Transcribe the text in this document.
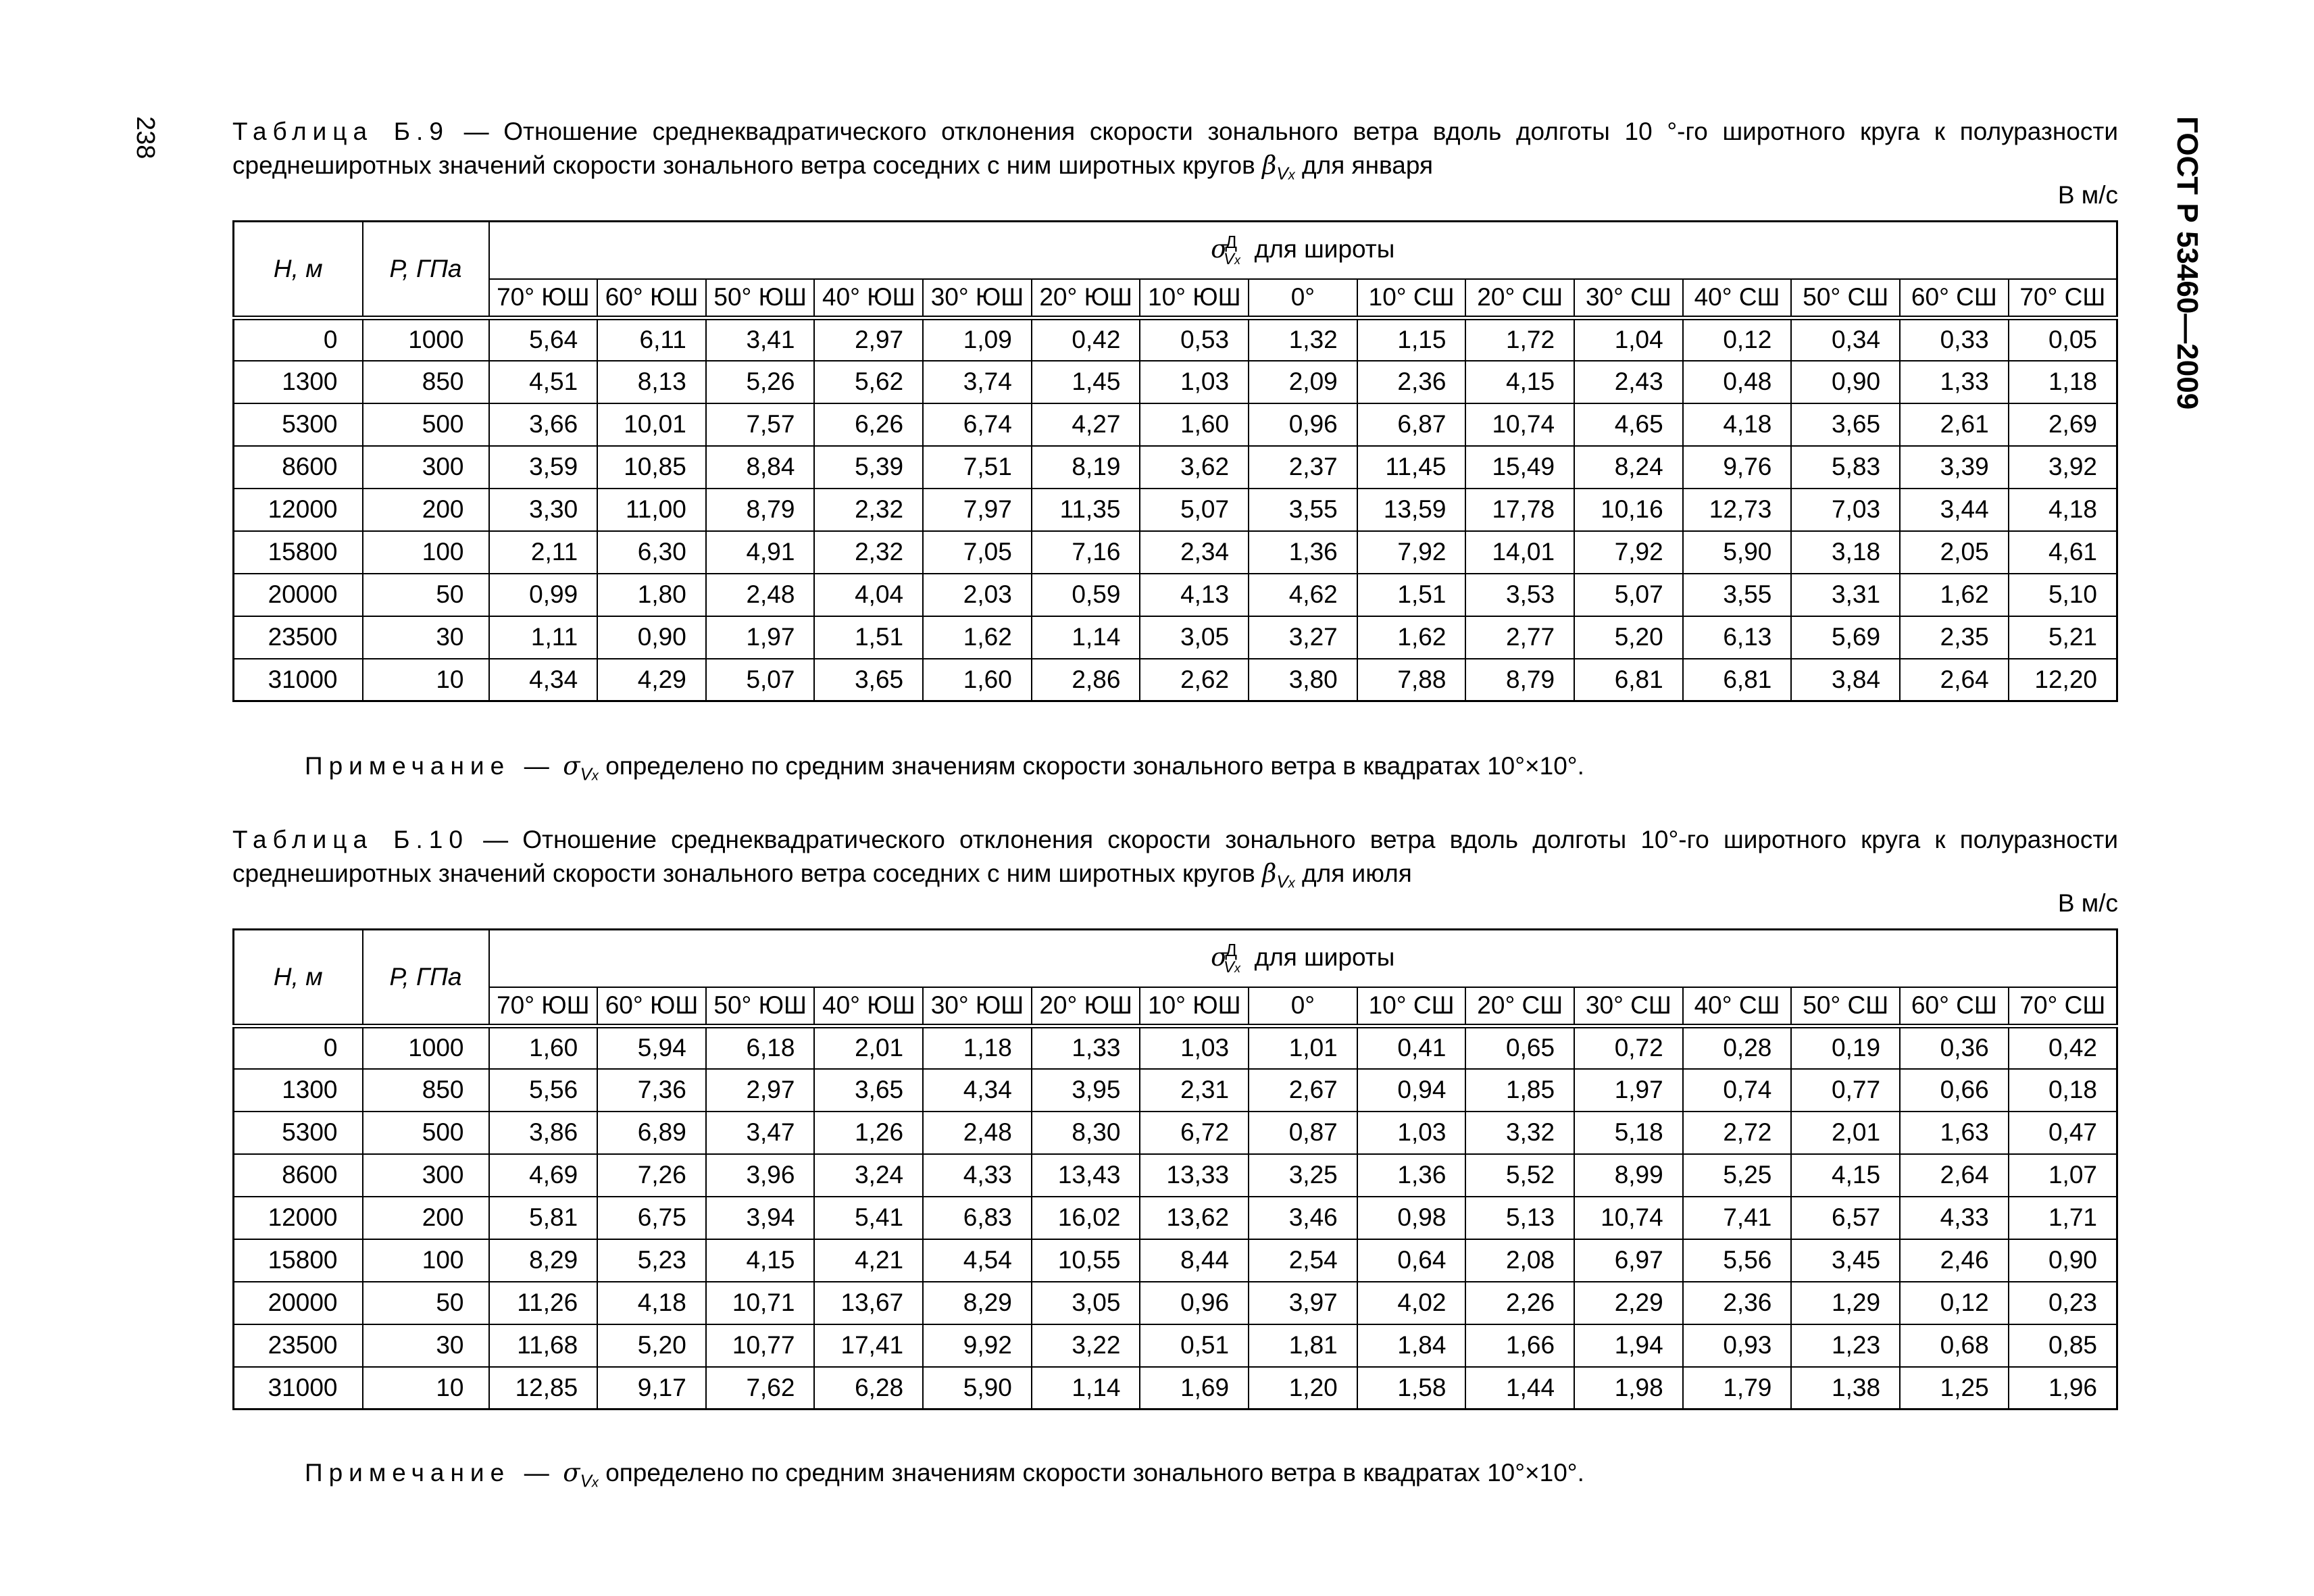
238	ГОСТ Р 53460—2009
Таблица Б.9 — Отношение среднеквадратического отклонения скорости зонального ветра вдоль долготы 10 °-го широтного круга к полуразности
среднеширотных значений скорости зонального ветра соседних с ним широтных кругов $\beta_{Vx}$ для января
В м/с
Н, м	Р, ГПа	$\sigma^Д_{Vx}$ для широты														
		70° ЮШ	60° ЮШ	50° ЮШ	40° ЮШ	30° ЮШ	20° ЮШ	10° ЮШ	0°	10° СШ	20° СШ	30° СШ	40° СШ	50° СШ	60° СШ	70° СШ
0	1000	5,64	6,11	3,41	2,97	1,09	0,42	0,53	1,32	1,15	1,72	1,04	0,12	0,34	0,33	0,05
1300	850	4,51	8,13	5,26	5,62	3,74	1,45	1,03	2,09	2,36	4,15	2,43	0,48	0,90	1,33	1,18
5300	500	3,66	10,01	7,57	6,26	6,74	4,27	1,60	0,96	6,87	10,74	4,65	4,18	3,65	2,61	2,69
8600	300	3,59	10,85	8,84	5,39	7,51	8,19	3,62	2,37	11,45	15,49	8,24	9,76	5,83	3,39	3,92
12000	200	3,30	11,00	8,79	2,32	7,97	11,35	5,07	3,55	13,59	17,78	10,16	12,73	7,03	3,44	4,18
15800	100	2,11	6,30	4,91	2,32	7,05	7,16	2,34	1,36	7,92	14,01	7,92	5,90	3,18	2,05	4,61
20000	50	0,99	1,80	2,48	4,04	2,03	0,59	4,13	4,62	1,51	3,53	5,07	3,55	3,31	1,62	5,10
23500	30	1,11	0,90	1,97	1,51	1,62	1,14	3,05	3,27	1,62	2,77	5,20	6,13	5,69	2,35	5,21
31000	10	4,34	4,29	5,07	3,65	1,60	2,86	2,62	3,80	7,88	8,79	6,81	6,81	3,84	2,64	12,20
Примечание — $\sigma_{Vx}$ определено по средним значениям скорости зонального ветра в квадратах 10°×10°.
Таблица Б.10 — Отношение среднеквадратического отклонения скорости зонального ветра вдоль долготы 10°-го широтного круга к полуразности
среднеширотных значений скорости зонального ветра соседних с ним широтных кругов $\beta_{Vx}$ для июля
В м/с
Н, м	Р, ГПа	$\sigma^Д_{Vx}$ для широты														
		70° ЮШ	60° ЮШ	50° ЮШ	40° ЮШ	30° ЮШ	20° ЮШ	10° ЮШ	0°	10° СШ	20° СШ	30° СШ	40° СШ	50° СШ	60° СШ	70° СШ
0	1000	1,60	5,94	6,18	2,01	1,18	1,33	1,03	1,01	0,41	0,65	0,72	0,28	0,19	0,36	0,42
1300	850	5,56	7,36	2,97	3,65	4,34	3,95	2,31	2,67	0,94	1,85	1,97	0,74	0,77	0,66	0,18
5300	500	3,86	6,89	3,47	1,26	2,48	8,30	6,72	0,87	1,03	3,32	5,18	2,72	2,01	1,63	0,47
8600	300	4,69	7,26	3,96	3,24	4,33	13,43	13,33	3,25	1,36	5,52	8,99	5,25	4,15	2,64	1,07
12000	200	5,81	6,75	3,94	5,41	6,83	16,02	13,62	3,46	0,98	5,13	10,74	7,41	6,57	4,33	1,71
15800	100	8,29	5,23	4,15	4,21	4,54	10,55	8,44	2,54	0,64	2,08	6,97	5,56	3,45	2,46	0,90
20000	50	11,26	4,18	10,71	13,67	8,29	3,05	0,96	3,97	4,02	2,26	2,29	2,36	1,29	0,12	0,23
23500	30	11,68	5,20	10,77	17,41	9,92	3,22	0,51	1,81	1,84	1,66	1,94	0,93	1,23	0,68	0,85
31000	10	12,85	9,17	7,62	6,28	5,90	1,14	1,69	1,20	1,58	1,44	1,98	1,79	1,38	1,25	1,96
Примечание — $\sigma_{Vx}$ определено по средним значениям скорости зонального ветра в квадратах 10°×10°.
